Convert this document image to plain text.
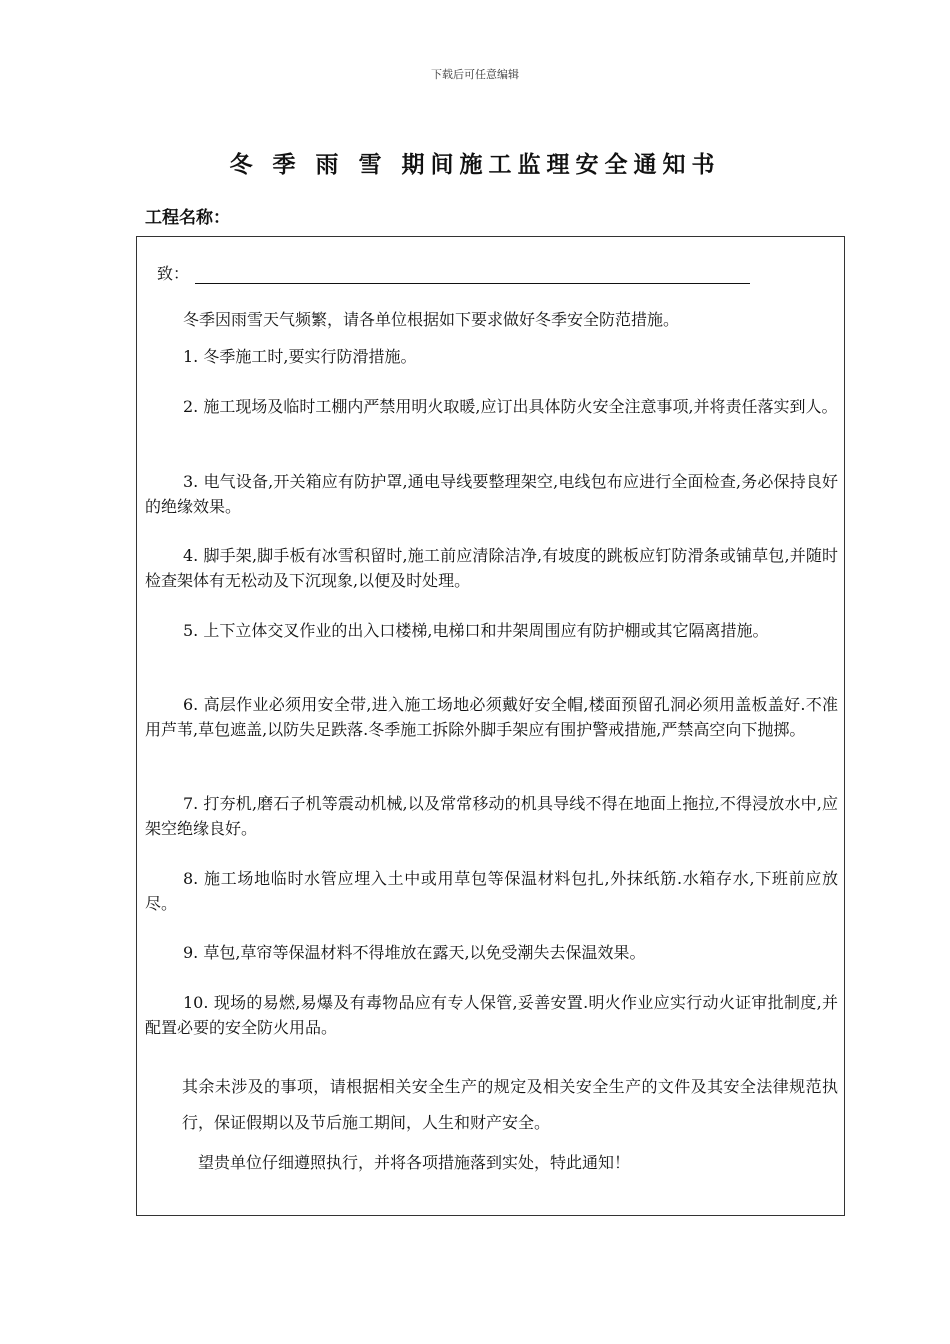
下载后可任意编辑
冬 季 雨 雪 期间施工监理安全通知书
工程名称：
致：

冬季因雨雪天气频繁，请各单位根据如下要求做好冬季安全防范措施。

1. 冬季施工时,要实行防滑措施。

2. 施工现场及临时工棚内严禁用明火取暖,应订出具体防火安全注意事项,并将责任落实到人。

3. 电气设备,开关箱应有防护罩,通电导线要整理架空,电线包布应进行全面检查,务必保持良好的绝缘效果。

4. 脚手架,脚手板有冰雪积留时,施工前应清除洁净,有坡度的跳板应钉防滑条或铺草包,并随时检查架体有无松动及下沉现象,以便及时处理。

5. 上下立体交叉作业的出入口楼梯,电梯口和井架周围应有防护棚或其它隔离措施。

6. 高层作业必须用安全带,进入施工场地必须戴好安全帽,楼面预留孔洞必须用盖板盖好.不准用芦苇,草包遮盖,以防失足跌落.冬季施工拆除外脚手架应有围护警戒措施,严禁高空向下抛掷。

7. 打夯机,磨石子机等震动机械,以及常常移动的机具导线不得在地面上拖拉,不得浸放水中,应架空绝缘良好。

8. 施工场地临时水管应埋入土中或用草包等保温材料包扎,外抹纸筋.水箱存水,下班前应放尽。

9. 草包,草帘等保温材料不得堆放在露天,以免受潮失去保温效果。

10. 现场的易燃,易爆及有毒物品应有专人保管,妥善安置.明火作业应实行动火证审批制度,并配置必要的安全防火用品。

其余未涉及的事项，请根据相关安全生产的规定及相关安全生产的文件及其安全法律规范执行，保证假期以及节后施工期间，人生和财产安全。

望贵单位仔细遵照执行，并将各项措施落到实处，特此通知！
